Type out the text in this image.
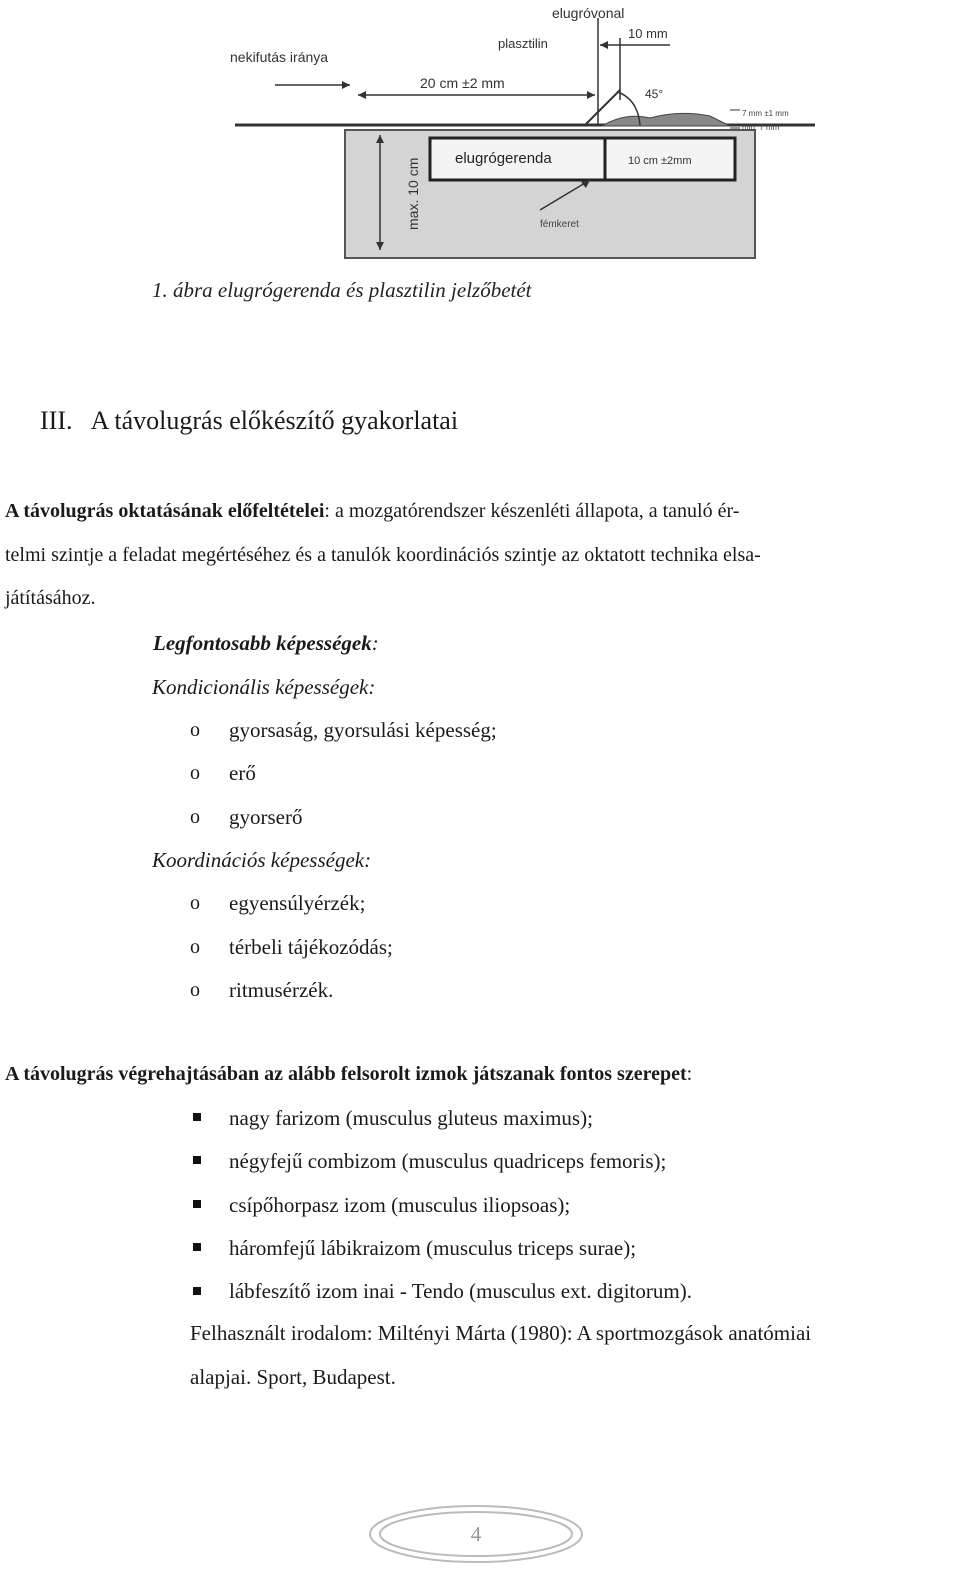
45°
nekifutás iránya
elugróvonal
plasztilin
10 mm
20 cm ±2 mm
elugrógerenda	10 cm ±2mm
max. 10 cm	fémkeret
7 mm ±1 mm
min. 7 mm
1. ábra elugrógerenda és plasztilin jelzőbetét
III. A távolugrás előkészítő gyakorlatai
A távolugrás oktatásának előfeltételei: a mozgatórendszer készenléti állapota, a tanuló ér-
telmi szintje a feladat megértéséhez és a tanulók koordinációs szintje az oktatott technika elsa-
játításához.
Legfontosabb képességek:
Kondicionális képességek:
o gyorsaság, gyorsulási képesség;
o erő
o gyorserő
Koordinációs képességek:
o egyensúlyérzék;
o térbeli tájékozódás;
o ritmusérzék.
A távolugrás végrehajtásában az alább felsorolt izmok játszanak fontos szerepet:
nagy farizom (musculus gluteus maximus);
négyfejű combizom (musculus quadriceps femoris);
csípőhorpasz izom (musculus iliopsoas);
háromfejű lábikraizom (musculus triceps surae);
lábfeszítő izom inai - Tendo (musculus ext. digitorum).
Felhasznált irodalom: Miltényi Márta (1980): A sportmozgások anatómiai
alapjai. Sport, Budapest.
4
